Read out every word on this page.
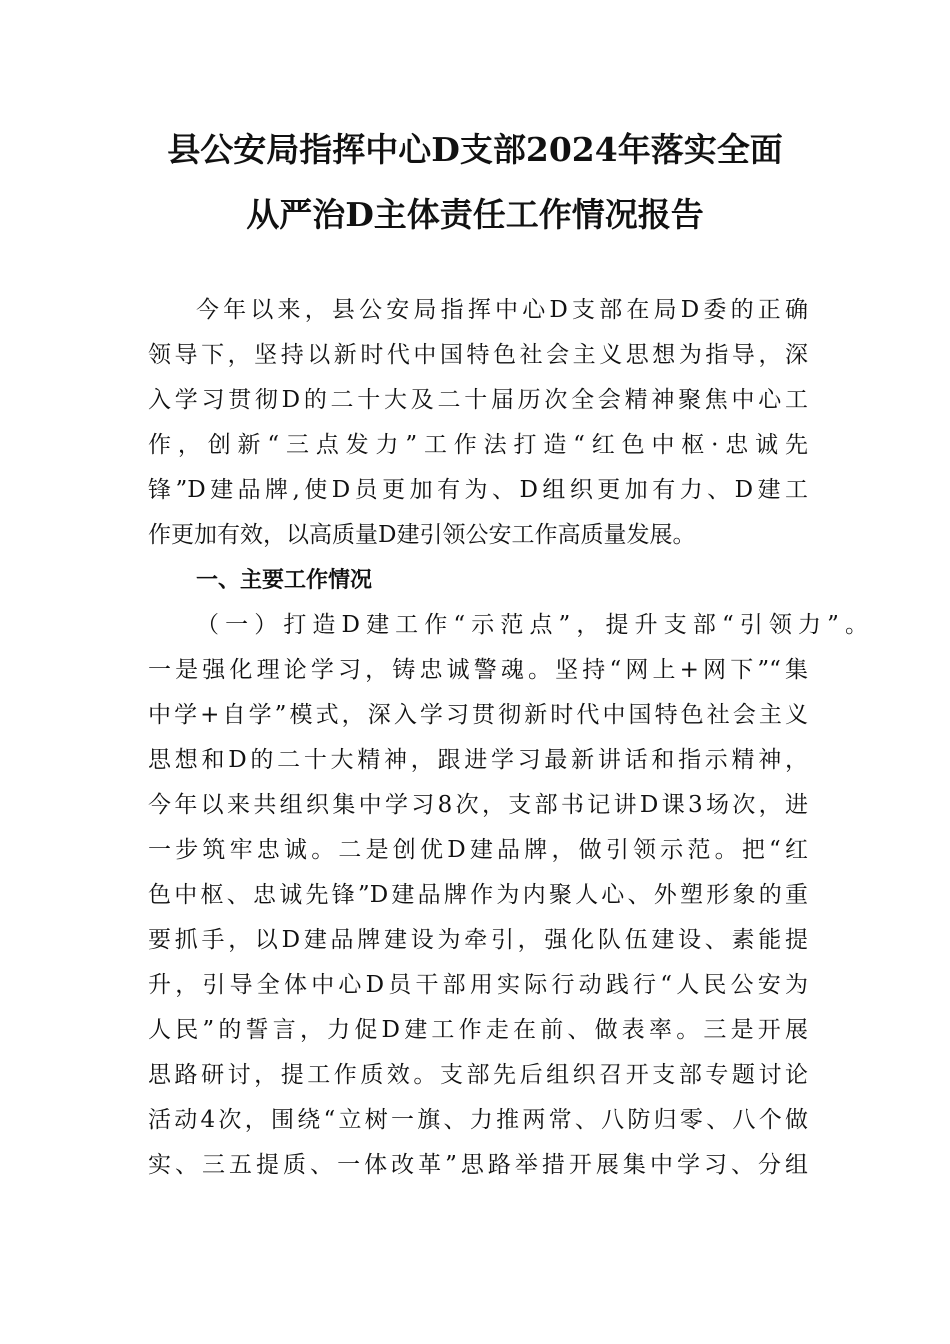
县公安局指挥中心D支部2024年落实全面
从严治D主体责任工作情况报告
今年以来，县公安局指挥中心D支部在局D委的正确
领导下，坚持以新时代中国特色社会主义思想为指导，深
入学习贯彻D的二十大及二十届历次全会精神聚焦中心工
作，创新“三点发力”工作法打造“红色中枢·忠诚先
锋”D建品牌,使D员更加有为、D组织更加有力、D建工
作更加有效，以高质量D建引领公安工作高质量发展。
一、主要工作情况
（一）打造D建工作“示范点”，提升支部“引领力”。
一是强化理论学习，铸忠诚警魂。坚持“网上+网下”“集
中学+自学”模式，深入学习贯彻新时代中国特色社会主义
思想和D的二十大精神，跟进学习最新讲话和指示精神，
今年以来共组织集中学习8次，支部书记讲D课3场次，进
一步筑牢忠诚。二是创优D建品牌，做引领示范。把“红
色中枢、忠诚先锋”D建品牌作为内聚人心、外塑形象的重
要抓手，以D建品牌建设为牵引，强化队伍建设、素能提
升，引导全体中心D员干部用实际行动践行“人民公安为
人民”的誓言，力促D建工作走在前、做表率。三是开展
思路研讨，提工作质效。支部先后组织召开支部专题讨论
活动4次，围绕“立树一旗、力推两常、八防归零、八个做
实、三五提质、一体改革”思路举措开展集中学习、分组
